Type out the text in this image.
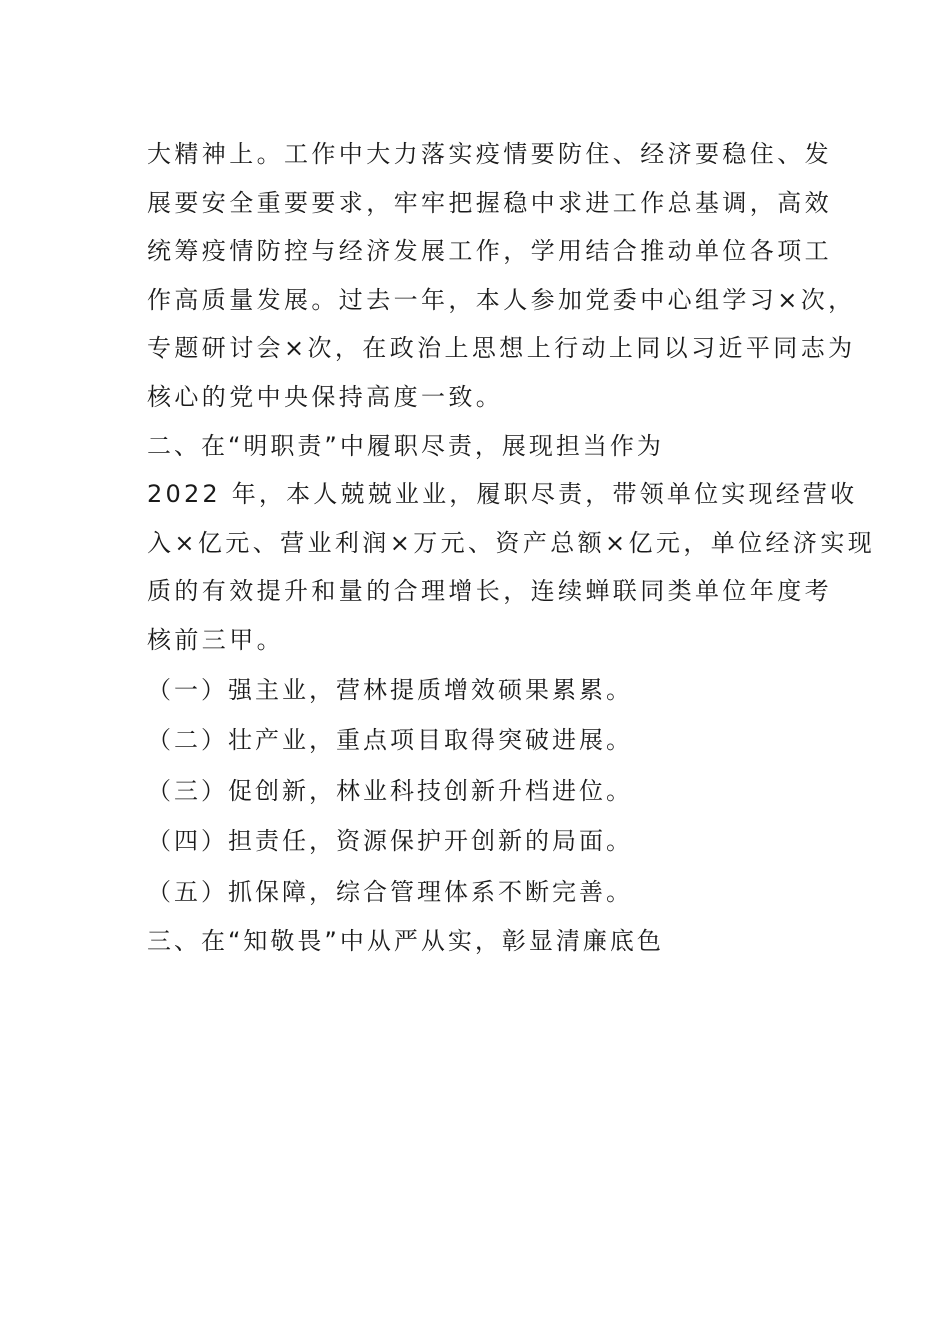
大精神上。工作中大力落实疫情要防住、经济要稳住、发
展要安全重要要求，牢牢把握稳中求进工作总基调，高效
统筹疫情防控与经济发展工作，学用结合推动单位各项工
作高质量发展。过去一年，本人参加党委中心组学习×次，
专题研讨会×次，在政治上思想上行动上同以习近平同志为
核心的党中央保持高度一致。
二、在“明职责”中履职尽责，展现担当作为
2022 年，本人兢兢业业，履职尽责，带领单位实现经营收
入×亿元、营业利润×万元、资产总额×亿元，单位经济实现
质的有效提升和量的合理增长，连续蝉联同类单位年度考
核前三甲。
（一）强主业，营林提质增效硕果累累。
（二）壮产业，重点项目取得突破进展。
（三）促创新，林业科技创新升档进位。
（四）担责任，资源保护开创新的局面。
（五）抓保障，综合管理体系不断完善。
三、在“知敬畏”中从严从实，彰显清廉底色
